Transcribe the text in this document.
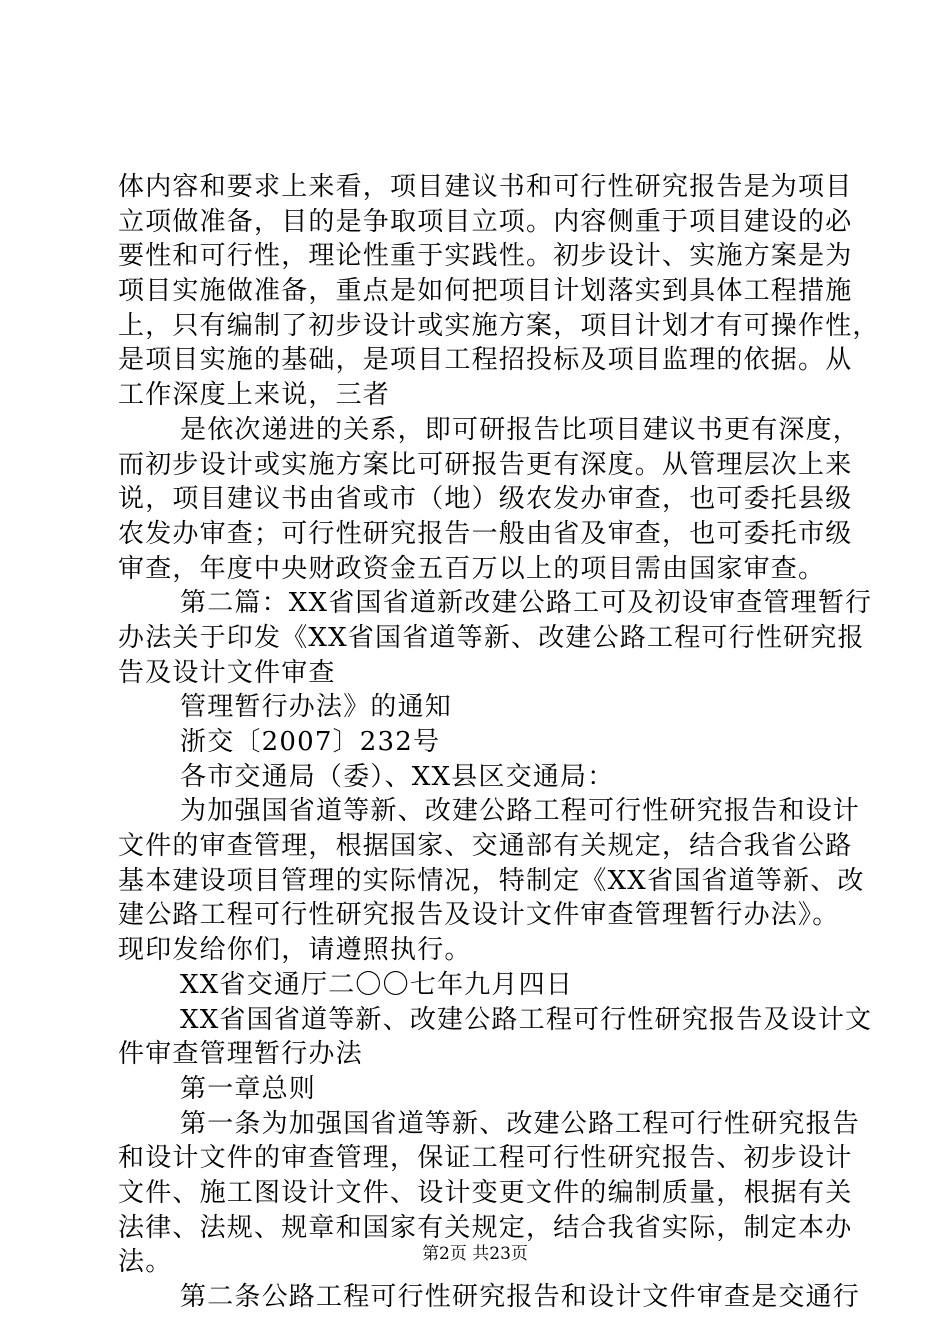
体内容和要求上来看，项目建议书和可行性研究报告是为项目
立项做准备，目的是争取项目立项。内容侧重于项目建设的必
要性和可行性，理论性重于实践性。初步设计、实施方案是为
项目实施做准备，重点是如何把项目计划落实到具体工程措施
上，只有编制了初步设计或实施方案，项目计划才有可操作性，
是项目实施的基础，是项目工程招投标及项目监理的依据。从
工作深度上来说，三者
是依次递进的关系，即可研报告比项目建议书更有深度，
而初步设计或实施方案比可研报告更有深度。从管理层次上来
说，项目建议书由省或市（地）级农发办审查，也可委托县级
农发办审查；可行性研究报告一般由省及审查，也可委托市级
审查，年度中央财政资金五百万以上的项目需由国家审查。
第二篇：XX省国省道新改建公路工可及初设审查管理暂行
办法关于印发《XX省国省道等新、改建公路工程可行性研究报
告及设计文件审查
管理暂行办法》的通知
浙交〔2007〕232号
各市交通局（委）、XX县区交通局：
为加强国省道等新、改建公路工程可行性研究报告和设计
文件的审查管理，根据国家、交通部有关规定，结合我省公路
基本建设项目管理的实际情况，特制定《XX省国省道等新、改
建公路工程可行性研究报告及设计文件审查管理暂行办法》。
现印发给你们，请遵照执行。
XX省交通厅二〇〇七年九月四日
XX省国省道等新、改建公路工程可行性研究报告及设计文
件审查管理暂行办法
第一章总则
第一条为加强国省道等新、改建公路工程可行性研究报告
和设计文件的审查管理，保证工程可行性研究报告、初步设计
文件、施工图设计文件、设计变更文件的编制质量，根据有关
法律、法规、规章和国家有关规定，结合我省实际，制定本办
法。
第二条公路工程可行性研究报告和设计文件审查是交通行
第2页 共23页
